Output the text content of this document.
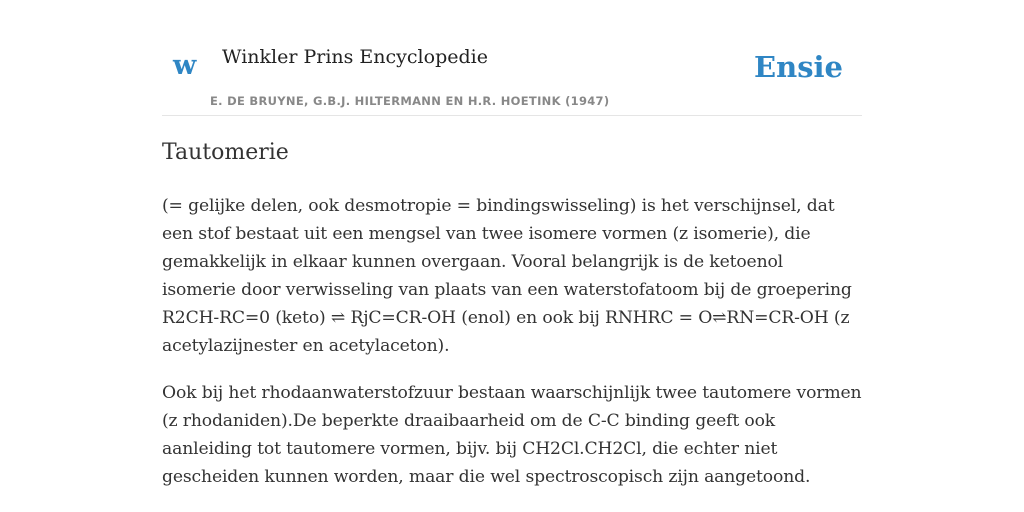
w Winkler Prins Encyclopedie	Ensie
E. DE BRUYNE, G.B.J. HILTERMANN EN H.R. HOETINK (1947)
Tautomerie

(= gelijke delen, ook desmotropie = bindingswisseling) is het verschijnsel, dat een stof bestaat uit een mengsel van twee isomere vormen (z isomerie), die gemakkelijk in elkaar kunnen overgaan. Vooral belangrijk is de ketoenol isomerie door verwisseling van plaats van een waterstofatoom bij de groepering R2CH-RC=0 (keto) ⇌ RjC=CR-OH (enol) en ook bij RNHRC = O⇌RN=CR-OH (z acetylazijnester en acetylaceton).

Ook bij het rhodaanwaterstofzuur bestaan waarschijnlijk twee tautomere vormen (z rhodaniden).De beperkte draaibaarheid om de C-C binding geeft ook aanleiding tot tautomere vormen, bijv. bij CH2Cl.CH2Cl, die echter niet gescheiden kunnen worden, maar die wel spectroscopisch zijn aangetoond.
